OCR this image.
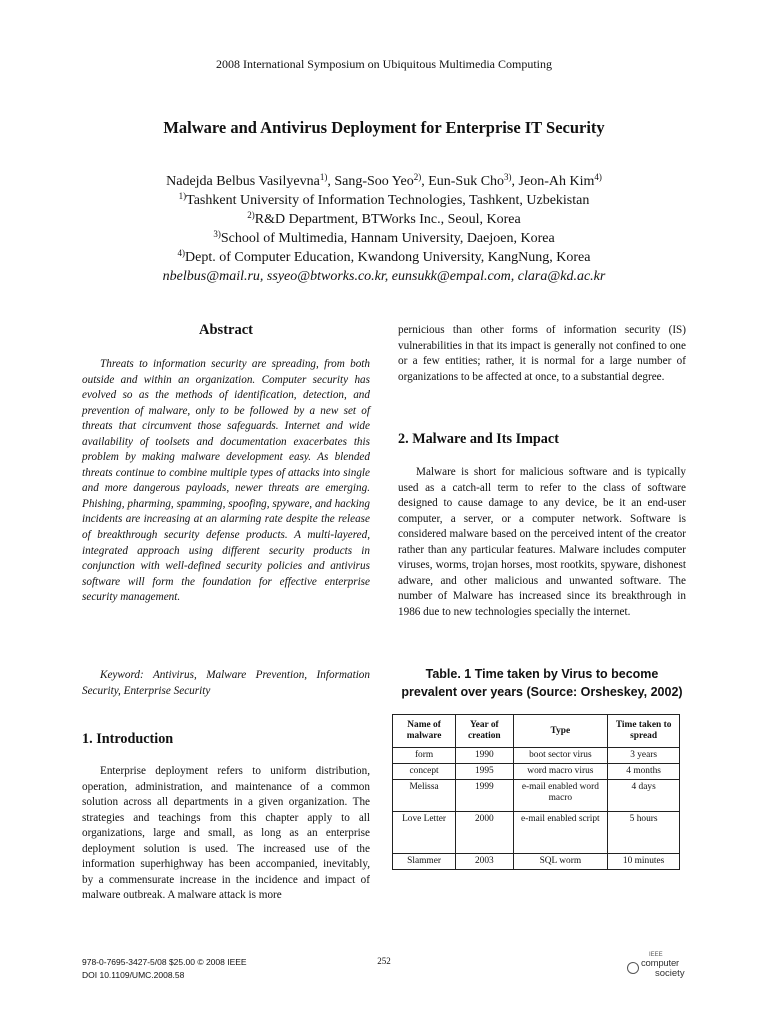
2008 International Symposium on Ubiquitous Multimedia Computing
Malware and Antivirus Deployment for Enterprise IT Security
Nadejda Belbus Vasilyevna$^{1)}$, Sang-Soo Yeo$^{2)}$, Eun-Suk Cho$^{3)}$, Jeon-Ah Kim$^{4)}$
$^{1)}$Tashkent University of Information Technologies, Tashkent, Uzbekistan
$^{2)}$R&D Department, BTWorks Inc., Seoul, Korea
$^{3)}$School of Multimedia, Hannam University, Daejoen, Korea
$^{4)}$Dept. of Computer Education, Kwandong University, KangNung, Korea
nbelbus@mail.ru, ssyeo@btworks.co.kr, eunsukk@empal.com, clara@kd.ac.kr
Abstract

Threats to information security are spreading, from both outside and within an organization. Computer security has evolved so as the methods of identification, detection, and prevention of malware, only to be followed by a new set of threats that circumvent those safeguards. Internet and wide availability of toolsets and documentation exacerbates this problem by making malware development easy. As blended threats continue to combine multiple types of attacks into single and more dangerous payloads, newer threats are emerging. Phishing, pharming, spamming, spoofing, spyware, and hacking incidents are increasing at an alarming rate despite the release of breakthrough security defense products. A multi-layered, integrated approach using different security products in conjunction with well-defined security policies and antivirus software will form the foundation for effective enterprise security management.

Keyword: Antivirus, Malware Prevention, Information Security, Enterprise Security

1. Introduction

Enterprise deployment refers to uniform distribution, operation, administration, and maintenance of a common solution across all departments in a given organization. The strategies and teachings from this chapter apply to all organizations, large and small, as long as an enterprise deployment solution is used. The increased use of the information superhighway has been accompanied, inevitably, by a commensurate increase in the incidence and impact of malware outbreak. A malware attack is more

pernicious than other forms of information security (IS) vulnerabilities in that its impact is generally not confined to one or a few entities; rather, it is normal for a large number of organizations to be affected at once, to a substantial degree.

2. Malware and Its Impact

Malware is short for malicious software and is typically used as a catch-all term to refer to the class of software designed to cause damage to any device, be it an end-user computer, a server, or a computer network. Software is considered malware based on the perceived intent of the creator rather than any particular features. Malware includes computer viruses, worms, trojan horses, most rootkits, spyware, dishonest adware, and other malicious and unwanted software. The number of Malware has increased since its breakthrough in 1986 due to new technologies specially the internet.

Table. 1 Time taken by Virus to become
prevalent over years (Source: Orsheskey, 2002)
Name of malware	Year of creation	Type	Time taken to spread
form	1990	boot sector virus	3 years
concept	1995	word macro virus	4 months
Melissa	1999	e-mail enabled word macro	4 days
Love Letter	2000	e-mail enabled script	5 hours
Slammer	2003	SQL worm	10 minutes
978-0-7695-3427-5/08 $25.00 © 2008 IEEE
DOI 10.1109/UMC.2008.58
252
IEEE
computer
society
